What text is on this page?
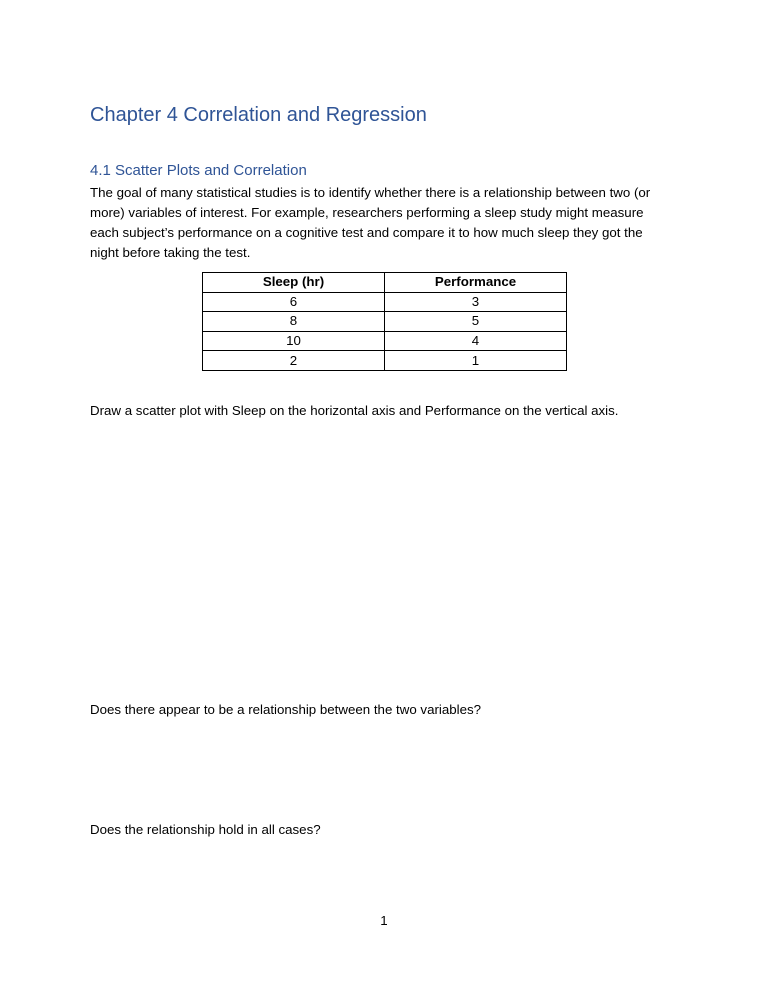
Chapter 4 Correlation and Regression
4.1 Scatter Plots and Correlation

The goal of many statistical studies is to identify whether there is a relationship between two (or more) variables of interest. For example, researchers performing a sleep study might measure each subject’s performance on a cognitive test and compare it to how much sleep they got the night before taking the test.

Sleep (hr)	Performance
6	3
8	5
10	4
2	1

Draw a scatter plot with Sleep on the horizontal axis and Performance on the vertical axis.

Does there appear to be a relationship between the two variables?

Does the relationship hold in all cases?

1
